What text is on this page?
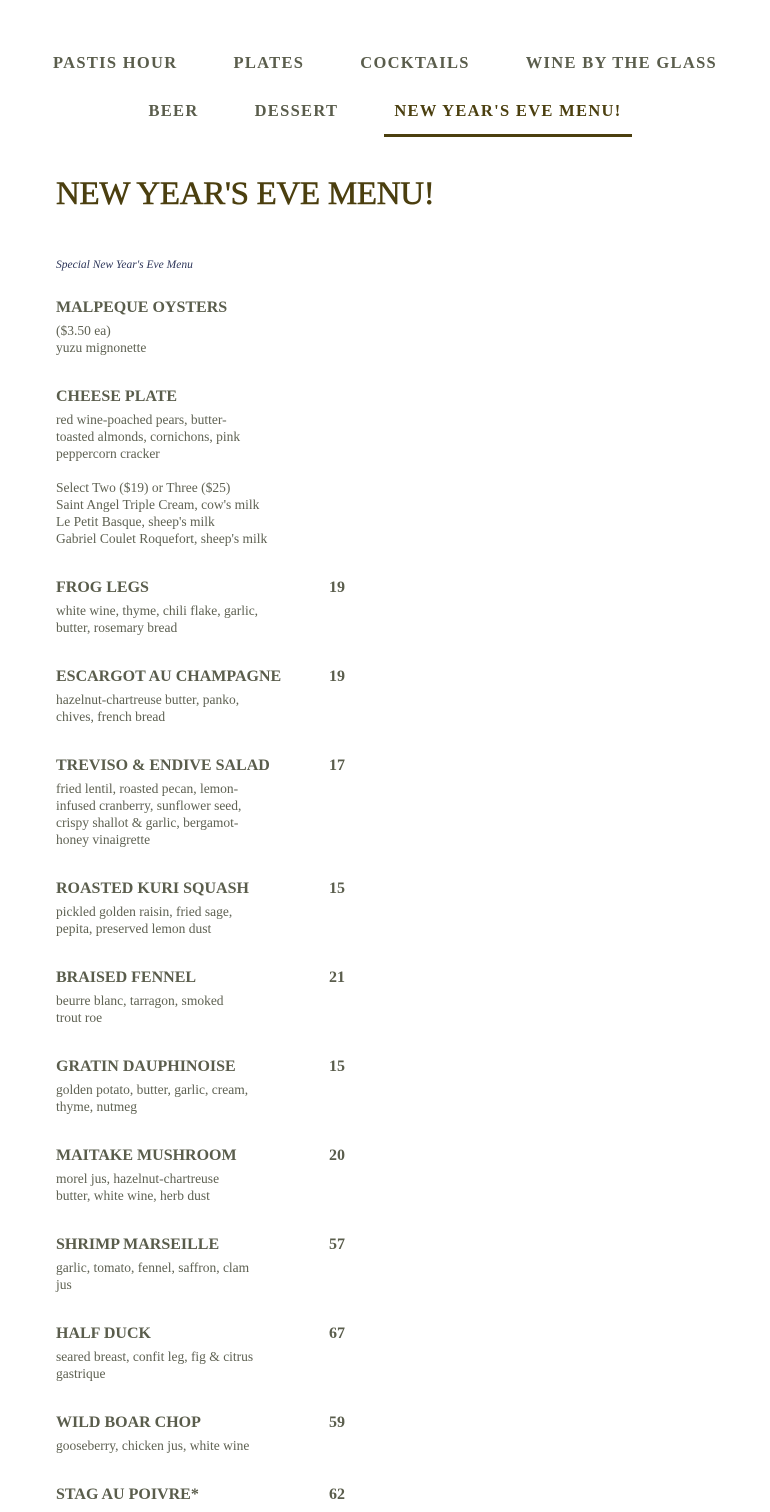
PASTIS HOUR	PLATES	COCKTAILS	WINE BY THE GLASS
BEER	DESSERT	NEW YEAR'S EVE MENU!
NEW YEAR'S EVE MENU!
Special New Year's Eve Menu
MALPEQUE OYSTERS
($3.50 ea)
yuzu mignonette
CHEESE PLATE
red wine-poached pears, butter-
toasted almonds, cornichons, pink
peppercorn cracker
Select Two ($19) or Three ($25)
Saint Angel Triple Cream, cow's milk
Le Petit Basque, sheep's milk
Gabriel Coulet Roquefort, sheep's milk
FROG LEGS	19
white wine, thyme, chili flake, garlic,
butter, rosemary bread
ESCARGOT AU CHAMPAGNE	19
hazelnut-chartreuse butter, panko,
chives, french bread
TREVISO & ENDIVE SALAD	17
fried lentil, roasted pecan, lemon-
infused cranberry, sunflower seed,
crispy shallot & garlic, bergamot-
honey vinaigrette
ROASTED KURI SQUASH	15
pickled golden raisin, fried sage,
pepita, preserved lemon dust
BRAISED FENNEL	21
beurre blanc, tarragon, smoked
trout roe
GRATIN DAUPHINOISE	15
golden potato, butter, garlic, cream,
thyme, nutmeg
MAITAKE MUSHROOM	20
morel jus, hazelnut-chartreuse
butter, white wine, herb dust
SHRIMP MARSEILLE	57
garlic, tomato, fennel, saffron, clam
jus
HALF DUCK	67
seared breast, confit leg, fig & citrus
gastrique
WILD BOAR CHOP	59
gooseberry, chicken jus, white wine
STAG AU POIVRE*	62
